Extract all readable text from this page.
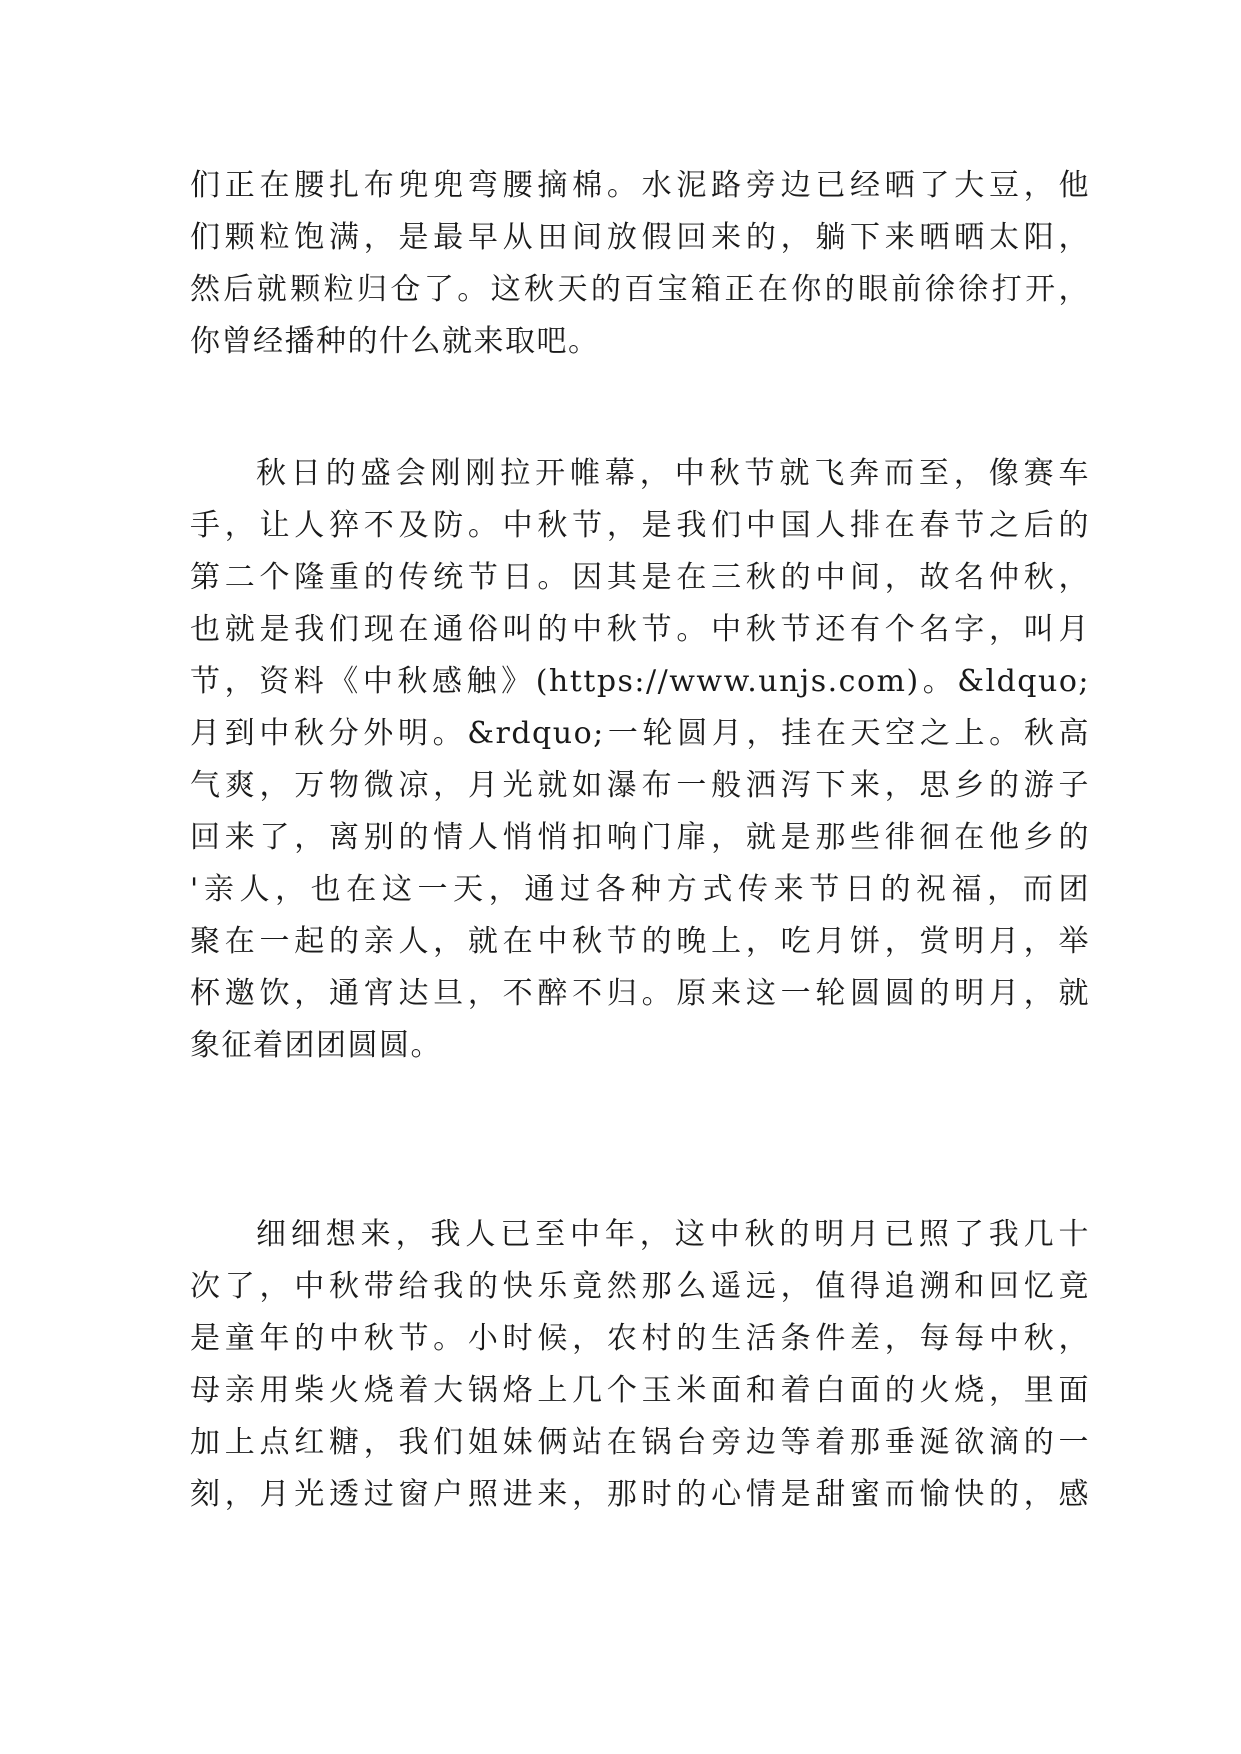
们正在腰扎布兜兜弯腰摘棉。水泥路旁边已经晒了大豆，他
们颗粒饱满，是最早从田间放假回来的，躺下来晒晒太阳，
然后就颗粒归仓了。这秋天的百宝箱正在你的眼前徐徐打开，
你曾经播种的什么就来取吧。
秋日的盛会刚刚拉开帷幕，中秋节就飞奔而至，像赛车
手，让人猝不及防。中秋节，是我们中国人排在春节之后的
第二个隆重的传统节日。因其是在三秋的中间，故名仲秋，
也就是我们现在通俗叫的中秋节。中秋节还有个名字，叫月
节，资料《中秋感触》(https://www.unjs.com)。&ldquo;
月到中秋分外明。&rdquo;一轮圆月，挂在天空之上。秋高
气爽，万物微凉，月光就如瀑布一般洒泻下来，思乡的游子
回来了，离别的情人悄悄扣响门扉，就是那些徘徊在他乡的
'亲人，也在这一天，通过各种方式传来节日的祝福，而团
聚在一起的亲人，就在中秋节的晚上，吃月饼，赏明月，举
杯邀饮，通宵达旦，不醉不归。原来这一轮圆圆的明月，就
象征着团团圆圆。
细细想来，我人已至中年，这中秋的明月已照了我几十
次了，中秋带给我的快乐竟然那么遥远，值得追溯和回忆竟
是童年的中秋节。小时候，农村的生活条件差，每每中秋，
母亲用柴火烧着大锅烙上几个玉米面和着白面的火烧，里面
加上点红糖，我们姐妹俩站在锅台旁边等着那垂涎欲滴的一
刻，月光透过窗户照进来，那时的心情是甜蜜而愉快的，感
